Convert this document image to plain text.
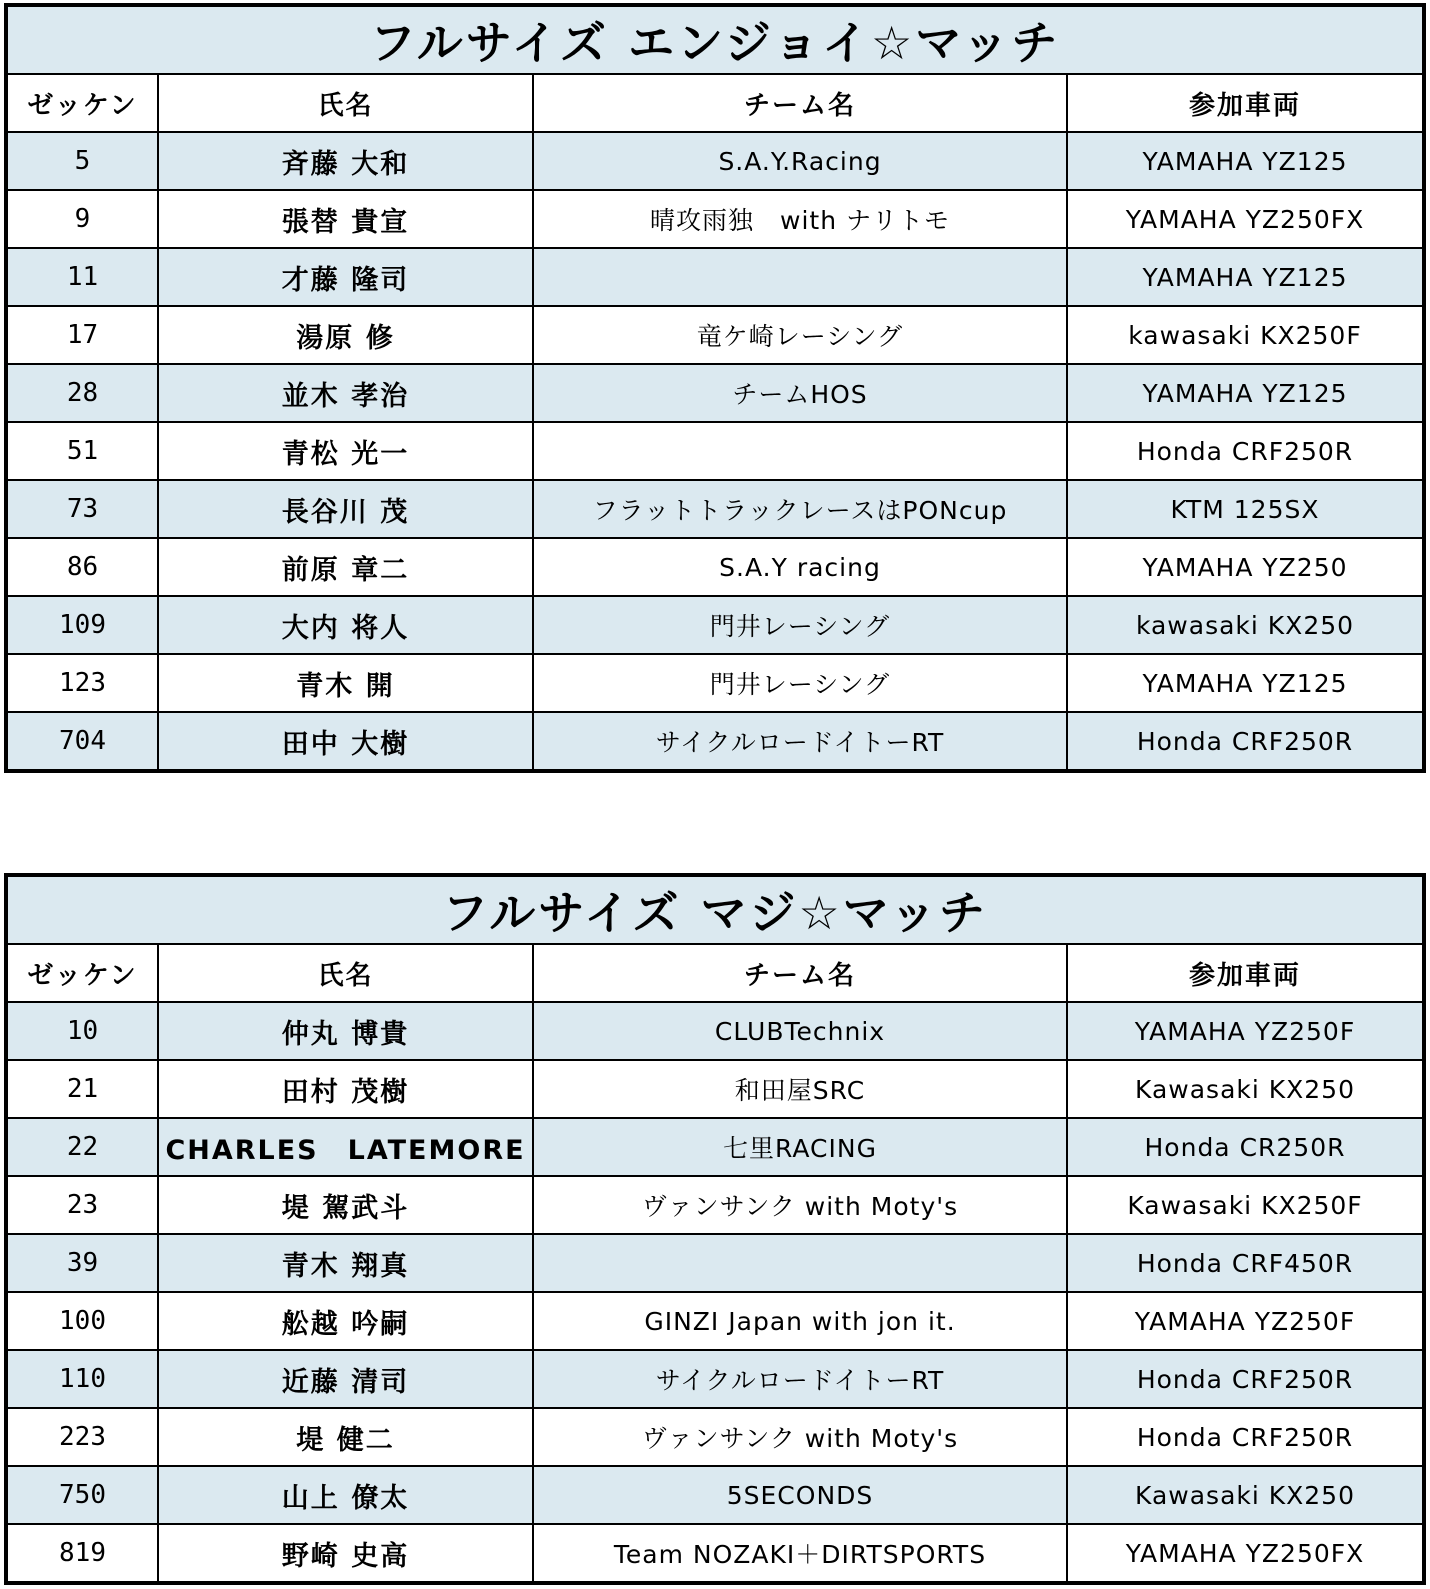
フルサイズ エンジョイ☆マッチ			
ゼッケン	氏名	チーム名	参加車両
5	斉藤 大和	S.A.Y.Racing	YAMAHA YZ125
9	張替 貴宣	晴攻雨独　with ナリトモ	YAMAHA YZ250FX
11	才藤 隆司		YAMAHA YZ125
17	湯原 修	竜ケ崎レーシング	kawasaki KX250F
28	並木 孝治	チームHOS	YAMAHA YZ125
51	青松 光一		Honda CRF250R
73	長谷川 茂	フラットトラックレースはPONcup	KTM 125SX
86	前原 章二	S.A.Y racing	YAMAHA YZ250
109	大内 将人	門井レーシング	kawasaki KX250
123	青木 開	門井レーシング	YAMAHA YZ125
704	田中 大樹	サイクルロードイトーRT	Honda CRF250R
フルサイズ マジ☆マッチ			
ゼッケン	氏名	チーム名	参加車両
10	仲丸 博貴	CLUBTechnix	YAMAHA YZ250F
21	田村 茂樹	和田屋SRC	Kawasaki KX250
22	CHARLES　LATEMORE	七里RACING	Honda CR250R
23	堤 駕武斗	ヴァンサンク with Moty's	Kawasaki KX250F
39	青木 翔真		Honda CRF450R
100	舩越 吟嗣	GINZI Japan with jon it.	YAMAHA YZ250F
110	近藤 清司	サイクルロードイトーRT	Honda CRF250R
223	堤 健二	ヴァンサンク with Moty's	Honda CRF250R
750	山上 僚太	5SECONDS	Kawasaki KX250
819	野崎 史高	Team NOZAKI＋DIRTSPORTS	YAMAHA YZ250FX
